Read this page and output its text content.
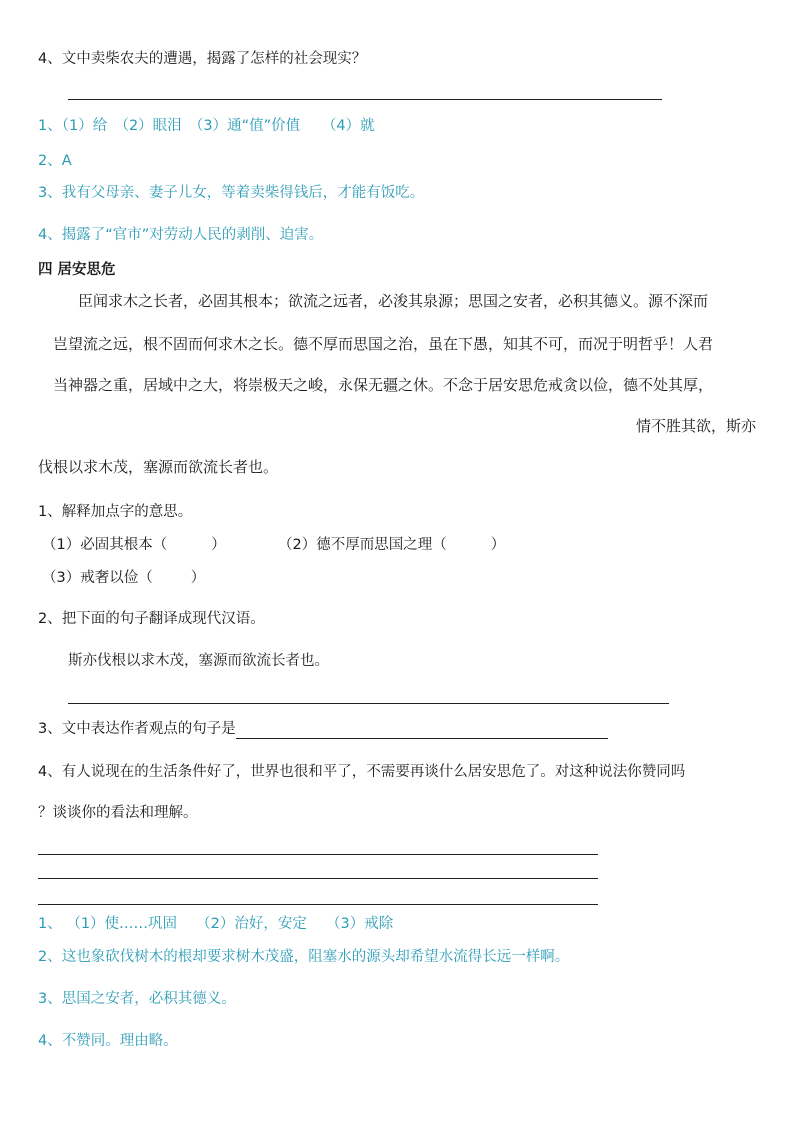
4、文中卖柴农夫的遭遇，揭露了怎样的社会现实？
1、（1）给　（2）眼泪　（3）通“值”价值　　（4）就
2、A
3、我有父母亲、妻子儿女，等着卖柴得钱后，才能有饭吃。
4、揭露了“官市”对劳动人民的剥削、迫害。
四 居安思危
臣闻求木之长者，必固其根本；欲流之远者，必浚其泉源；思国之安者，必积其德义。源不深而
岂望流之远，根不固而何求木之长。德不厚而思国之治，虽在下愚，知其不可，而况于明哲乎！人君
当神器之重，居域中之大，将崇极天之峻，永保无疆之休。不念于居安思危戒贪以俭，德不处其厚，
情不胜其欲，斯亦
伐根以求木茂，塞源而欲流长者也。
1、解释加点字的意思。
（1）必固其根本（	）	（2）德不厚而思国之理（	）
（3）戒奢以俭（	）
2、把下面的句子翻译成现代汉语。
斯亦伐根以求木茂，塞源而欲流长者也。
3、文中表达作者观点的句子是
4、有人说现在的生活条件好了，世界也很和平了，不需要再谈什么居安思危了。对这种说法你赞同吗
？谈谈你的看法和理解。
1、 （1）使……巩固　 （2）治好，安定　 （3）戒除
2、这也象砍伐树木的根却要求树木茂盛，阻塞水的源头却希望水流得长远一样啊。
3、思国之安者，必积其德义。
4、不赞同。理由略。
